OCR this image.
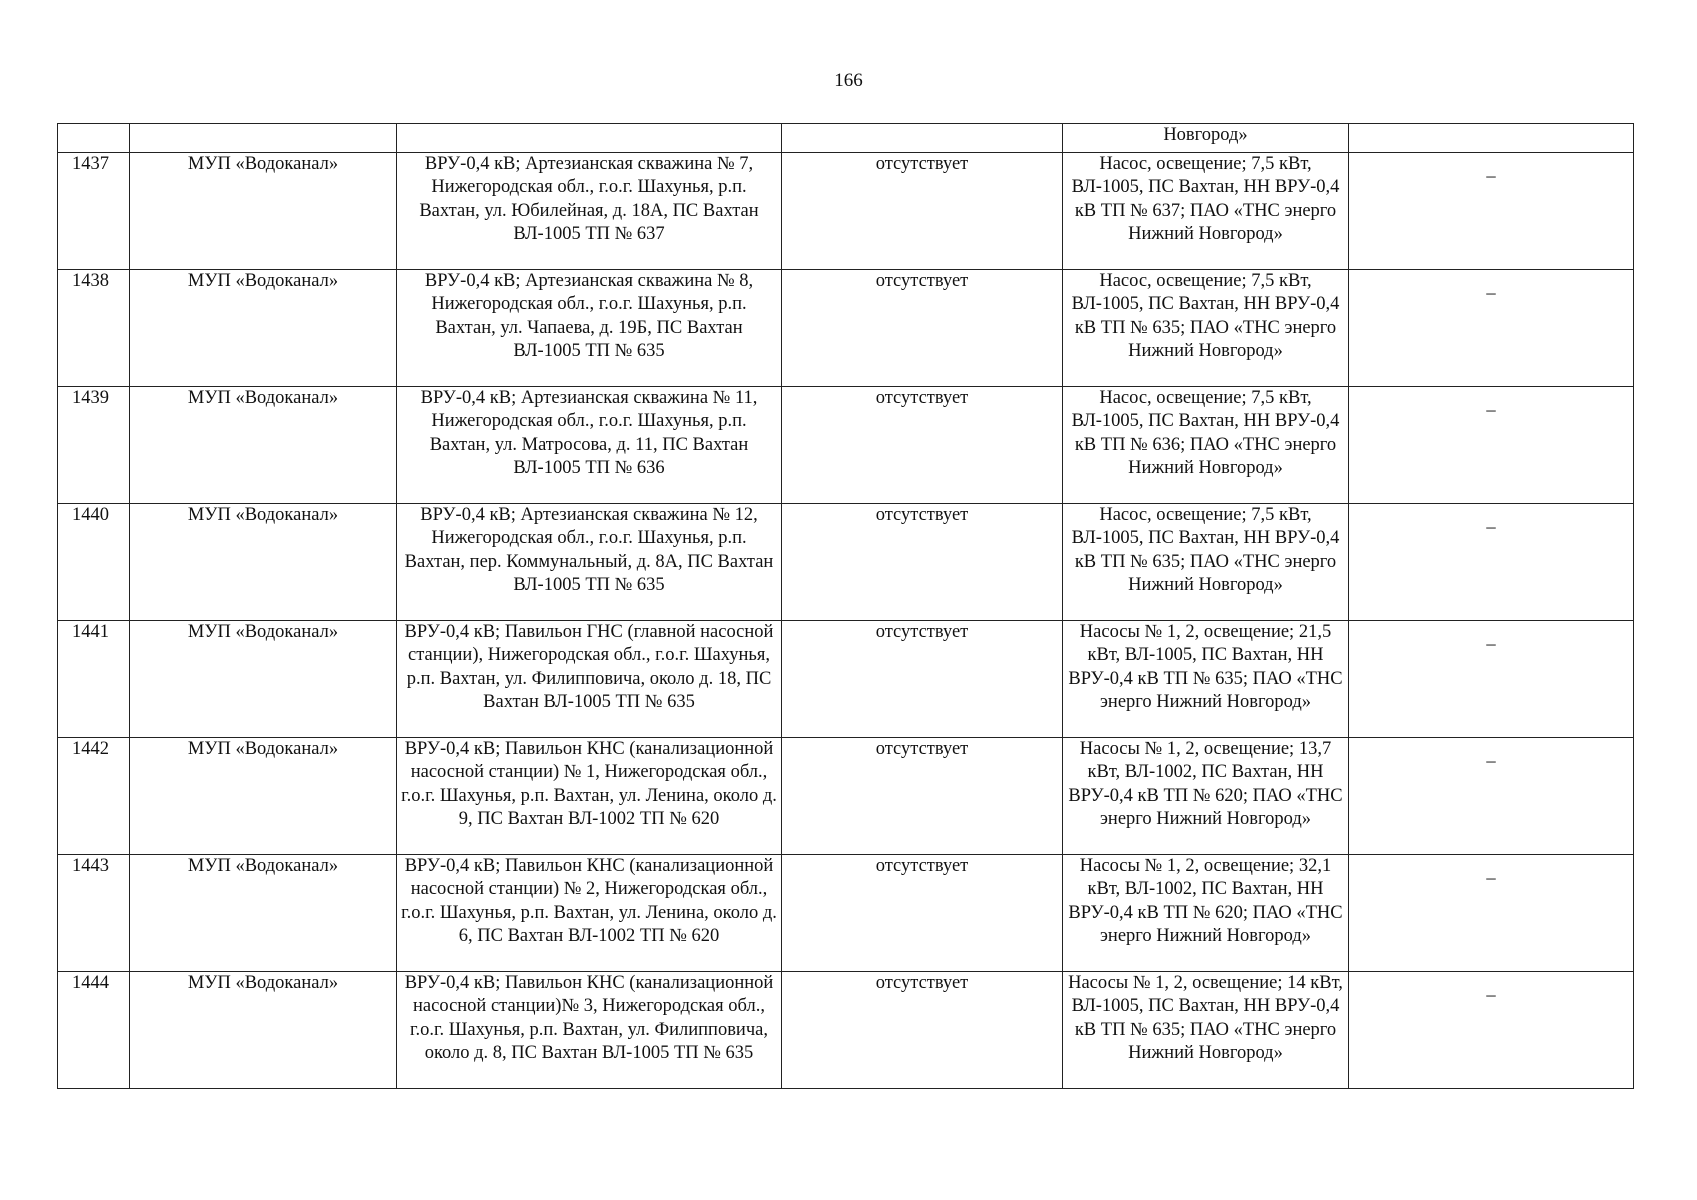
166
				Новгород»	
1437	МУП «Водоканал»	ВРУ-0,4 кВ; Артезианская скважина № 7, Нижегородская обл., г.о.г. Шахунья, р.п. Вахтан, ул. Юбилейная, д. 18А, ПС Вахтан ВЛ-1005 ТП № 637	отсутствует	Насос, освещение; 7,5 кВт, ВЛ-1005, ПС Вахтан, НН ВРУ-0,4 кВ ТП № 637; ПАО «ТНС энерго Нижний Новгород»	_
1438	МУП «Водоканал»	ВРУ-0,4 кВ; Артезианская скважина № 8, Нижегородская обл., г.о.г. Шахунья, р.п. Вахтан, ул. Чапаева, д. 19Б, ПС Вахтан ВЛ-1005 ТП № 635	отсутствует	Насос, освещение; 7,5 кВт, ВЛ-1005, ПС Вахтан, НН ВРУ-0,4 кВ ТП № 635; ПАО «ТНС энерго Нижний Новгород»	_
1439	МУП «Водоканал»	ВРУ-0,4 кВ; Артезианская скважина № 11, Нижегородская обл., г.о.г. Шахунья, р.п. Вахтан, ул. Матросова, д. 11, ПС Вахтан ВЛ-1005 ТП № 636	отсутствует	Насос, освещение; 7,5 кВт, ВЛ-1005, ПС Вахтан, НН ВРУ-0,4 кВ ТП № 636; ПАО «ТНС энерго Нижний Новгород»	_
1440	МУП «Водоканал»	ВРУ-0,4 кВ; Артезианская скважина № 12, Нижегородская обл., г.о.г. Шахунья, р.п. Вахтан, пер. Коммунальный, д. 8А, ПС Вахтан ВЛ-1005 ТП № 635	отсутствует	Насос, освещение; 7,5 кВт, ВЛ-1005, ПС Вахтан, НН ВРУ-0,4 кВ ТП № 635; ПАО «ТНС энерго Нижний Новгород»	_
1441	МУП «Водоканал»	ВРУ-0,4 кВ; Павильон ГНС (главной насосной станции), Нижегородская обл., г.о.г. Шахунья, р.п. Вахтан, ул. Филипповича, около д. 18, ПС Вахтан ВЛ-1005 ТП № 635	отсутствует	Насосы № 1, 2, освещение; 21,5 кВт, ВЛ-1005, ПС Вахтан, НН ВРУ-0,4 кВ ТП № 635; ПАО «ТНС энерго Нижний Новгород»	_
1442	МУП «Водоканал»	ВРУ-0,4 кВ; Павильон КНС (канализационной насосной станции) № 1, Нижегородская обл., г.о.г. Шахунья, р.п. Вахтан, ул. Ленина, около д. 9, ПС Вахтан ВЛ-1002 ТП № 620	отсутствует	Насосы № 1, 2, освещение; 13,7 кВт, ВЛ-1002, ПС Вахтан, НН ВРУ-0,4 кВ ТП № 620; ПАО «ТНС энерго Нижний Новгород»	_
1443	МУП «Водоканал»	ВРУ-0,4 кВ; Павильон КНС (канализационной насосной станции) № 2, Нижегородская обл., г.о.г. Шахунья, р.п. Вахтан, ул. Ленина, около д. 6, ПС Вахтан ВЛ-1002 ТП № 620	отсутствует	Насосы № 1, 2, освещение; 32,1 кВт, ВЛ-1002, ПС Вахтан, НН ВРУ-0,4 кВ ТП № 620; ПАО «ТНС энерго Нижний Новгород»	_
1444	МУП «Водоканал»	ВРУ-0,4 кВ; Павильон КНС (канализационной насосной станции)№ 3, Нижегородская обл., г.о.г. Шахунья, р.п. Вахтан, ул. Филипповича, около д. 8, ПС Вахтан ВЛ-1005 ТП № 635	отсутствует	Насосы № 1, 2, освещение; 14 кВт, ВЛ-1005, ПС Вахтан, НН ВРУ-0,4 кВ ТП № 635; ПАО «ТНС энерго Нижний Новгород»	_
